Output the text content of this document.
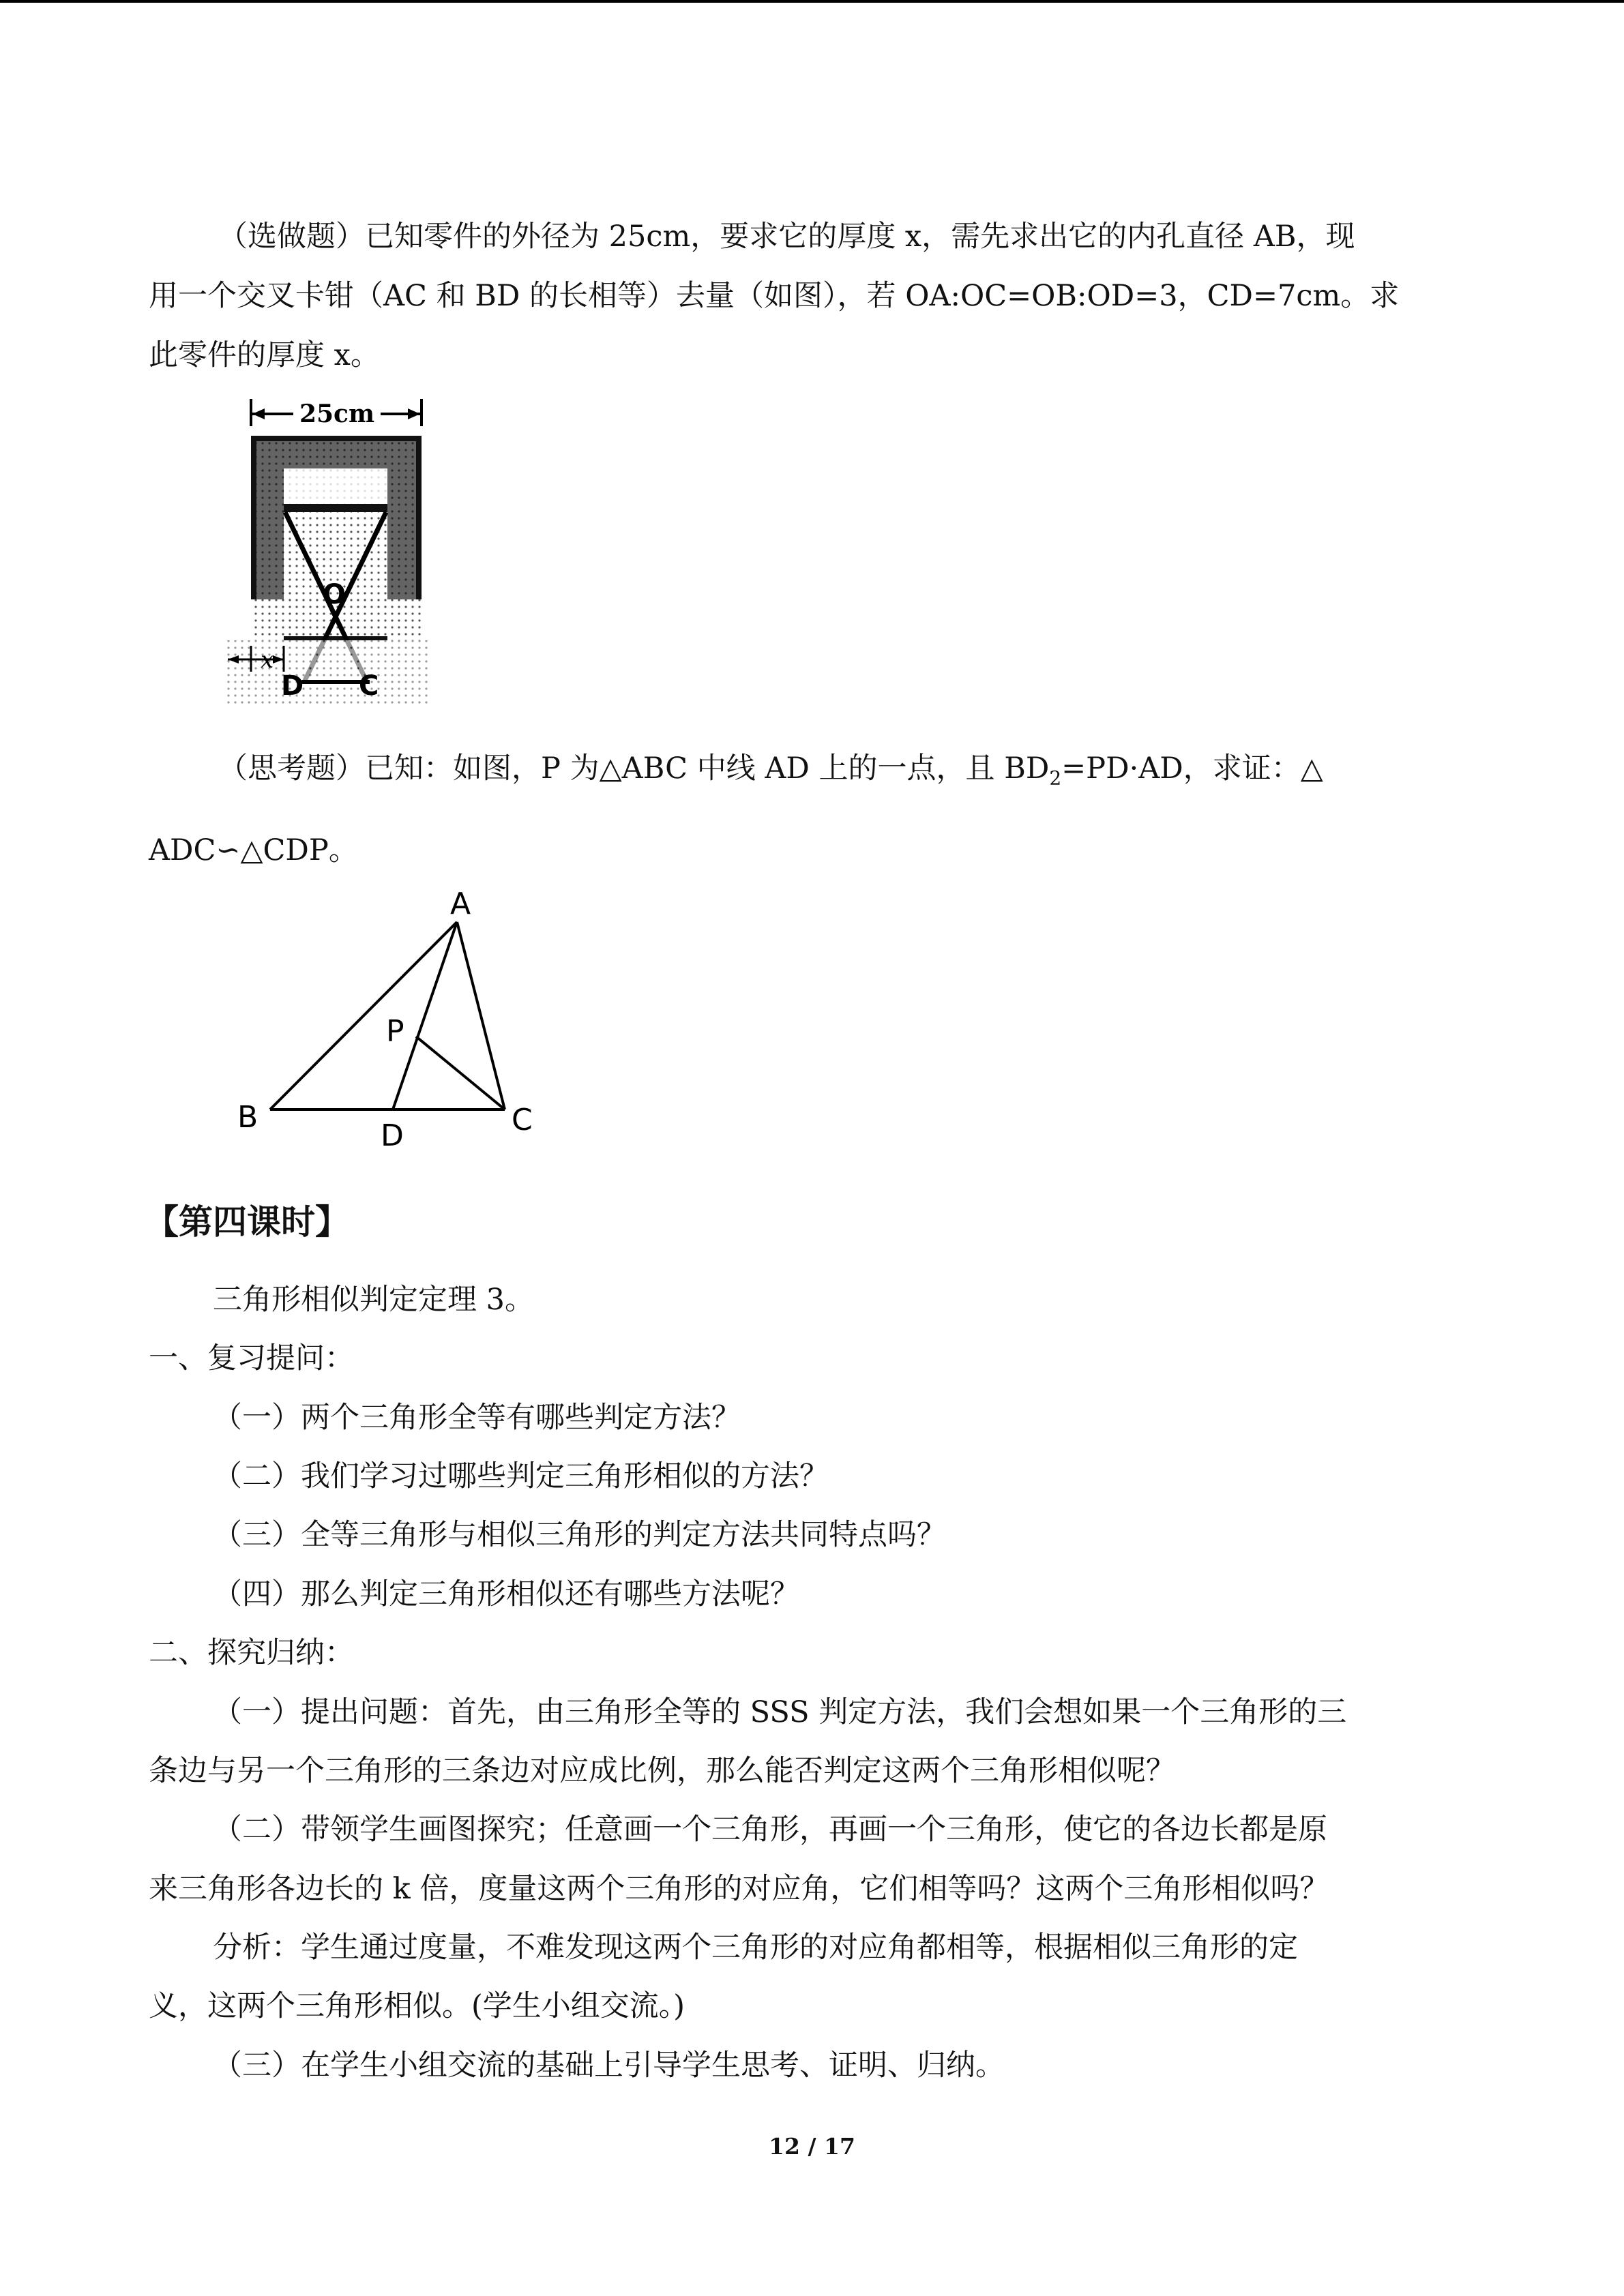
（选做题）已知零件的外径为 25cm，要求它的厚度 x，需先求出它的内孔直径 AB，现
用一个交叉卡钳（AC 和 BD 的长相等）去量（如图），若 OA:OC=OB:OD=3，CD=7cm。求
此零件的厚度 x。
25cm
O
x
D C
（思考题）已知：如图，P 为△ABC 中线 AD 上的一点，且 $BD_2=PD\cdot AD$，求证：△
ADC∽△CDP。
A
B	C
D
P
【第四课时】
三角形相似判定定理 3。
一、复习提问：
（一）两个三角形全等有哪些判定方法？
（二）我们学习过哪些判定三角形相似的方法？
（三）全等三角形与相似三角形的判定方法共同特点吗？
（四）那么判定三角形相似还有哪些方法呢？
二、探究归纳：
（一）提出问题：首先，由三角形全等的 SSS 判定方法，我们会想如果一个三角形的三
条边与另一个三角形的三条边对应成比例，那么能否判定这两个三角形相似呢？
（二）带领学生画图探究；任意画一个三角形，再画一个三角形，使它的各边长都是原
来三角形各边长的 k 倍，度量这两个三角形的对应角，它们相等吗？这两个三角形相似吗？
分析：学生通过度量，不难发现这两个三角形的对应角都相等，根据相似三角形的定
义，这两个三角形相似。(学生小组交流。)
（三）在学生小组交流的基础上引导学生思考、证明、归纳。
12 / 17
